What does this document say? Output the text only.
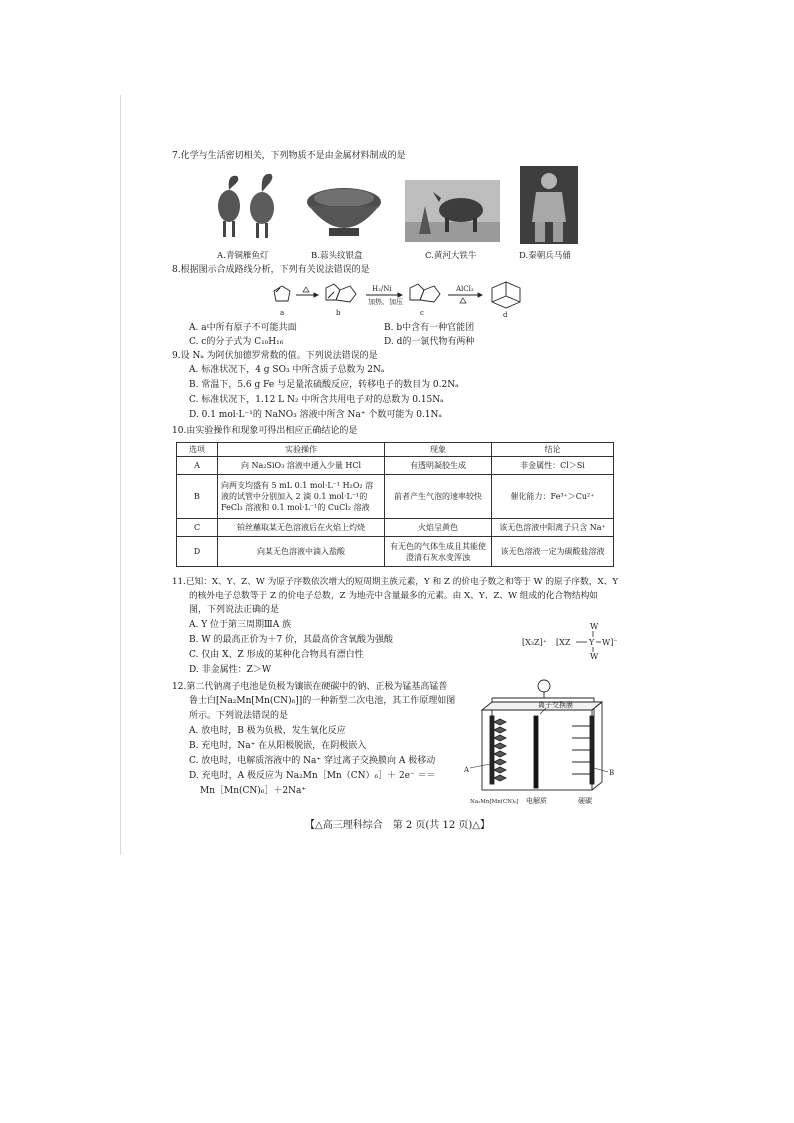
7.化学与生活密切相关，下列物质不是由金属材料制成的是
A.青铜雁鱼灯	B.蒜头纹银盒	C.黄河大铁牛	D.秦朝兵马俑
8.根据图示合成路线分析，下列有关说法错误的是
a	b
H₂/Ni
加热、加压
c
AlCl₃
d
A. a中所有原子不可能共面	B. b中含有一种官能团
C. c的分子式为 C₁₀H₁₆	D. d的一氯代物有两种
9.设 Nₐ 为阿伏加德罗常数的值。下列说法错误的是
A. 标准状况下，4 g SO₃ 中所含质子总数为 2Nₐ
B. 常温下，5.6 g Fe 与足量浓硫酸反应，转移电子的数目为 0.2Nₐ
C. 标准状况下，1.12 L N₂ 中所含共用电子对的总数为 0.15Nₐ
D. 0.1 mol·L⁻¹的 NaNO₃ 溶液中所含 Na⁺ 个数可能为 0.1Nₐ
10.由实验操作和现象可得出相应正确结论的是
选项	实验操作	现象	结论
A	向 Na₂SiO₃ 溶液中通入少量 HCl	有透明凝胶生成	非金属性：Cl＞Si
B	向两支均盛有 5 mL 0.1 mol·L⁻¹ H₂O₂ 溶液的试管中分别加入 2 滴 0.1 mol·L⁻¹的 FeCl₃ 溶液和 0.1 mol·L⁻¹的 CuCl₂ 溶液	前者产生气泡的速率较快	催化能力：Fe³⁺＞Cu²⁺
C	铂丝蘸取某无色溶液后在火焰上灼烧	火焰呈黄色	该无色溶液中阳离子只含 Na⁺
D	向某无色溶液中滴入盐酸	有无色的气体生成且其能使澄清石灰水变浑浊	该无色溶液一定为碳酸盐溶液
11.已知：X、Y、Z、W 为原子序数依次增大的短周期主族元素，Y 和 Z 的价电子数之和等于 W 的原子序数，X、Y
的核外电子总数等于 Z 的价电子总数，Z 为地壳中含量最多的元素。由 X、Y、Z、W 组成的化合物结构如
图，下列说法正确的是
A. Y 位于第三周期ⅢA 族
B. W 的最高正价为＋7 价，其最高价含氧酸为强酸
C. 仅由 X、Z 形成的某种化合物具有漂白性
D. 非金属性：Z＞W
W
[X₃Z]⁺ [XZ Y W]⁻
W
12.第二代钠离子电池是负极为镶嵌在硬碳中的钠、正极为锰基高锰普
鲁士白[Na₂Mn[Mn(CN)₆]]的一种新型二次电池，其工作原理如图
所示。下列说法错误的是
A. 放电时，B 极为负极，发生氧化反应
B. 充电时，Na⁺ 在从阳极脱嵌，在阴极嵌入
C. 放电时，电解质溶液中的 Na⁺ 穿过离子交换膜向 A 极移动
D. 充电时，A 极反应为 Na₂Mn［Mn（CN）₆］＋ 2e⁻ ＝＝
Mn［Mn(CN)₆］＋2Na⁺
离子交换膜
A	B
Na₂Mn[Mn(CN)₆] 电解质	硬碳
【△高三理科综合　第 2 页(共 12 页)△】
